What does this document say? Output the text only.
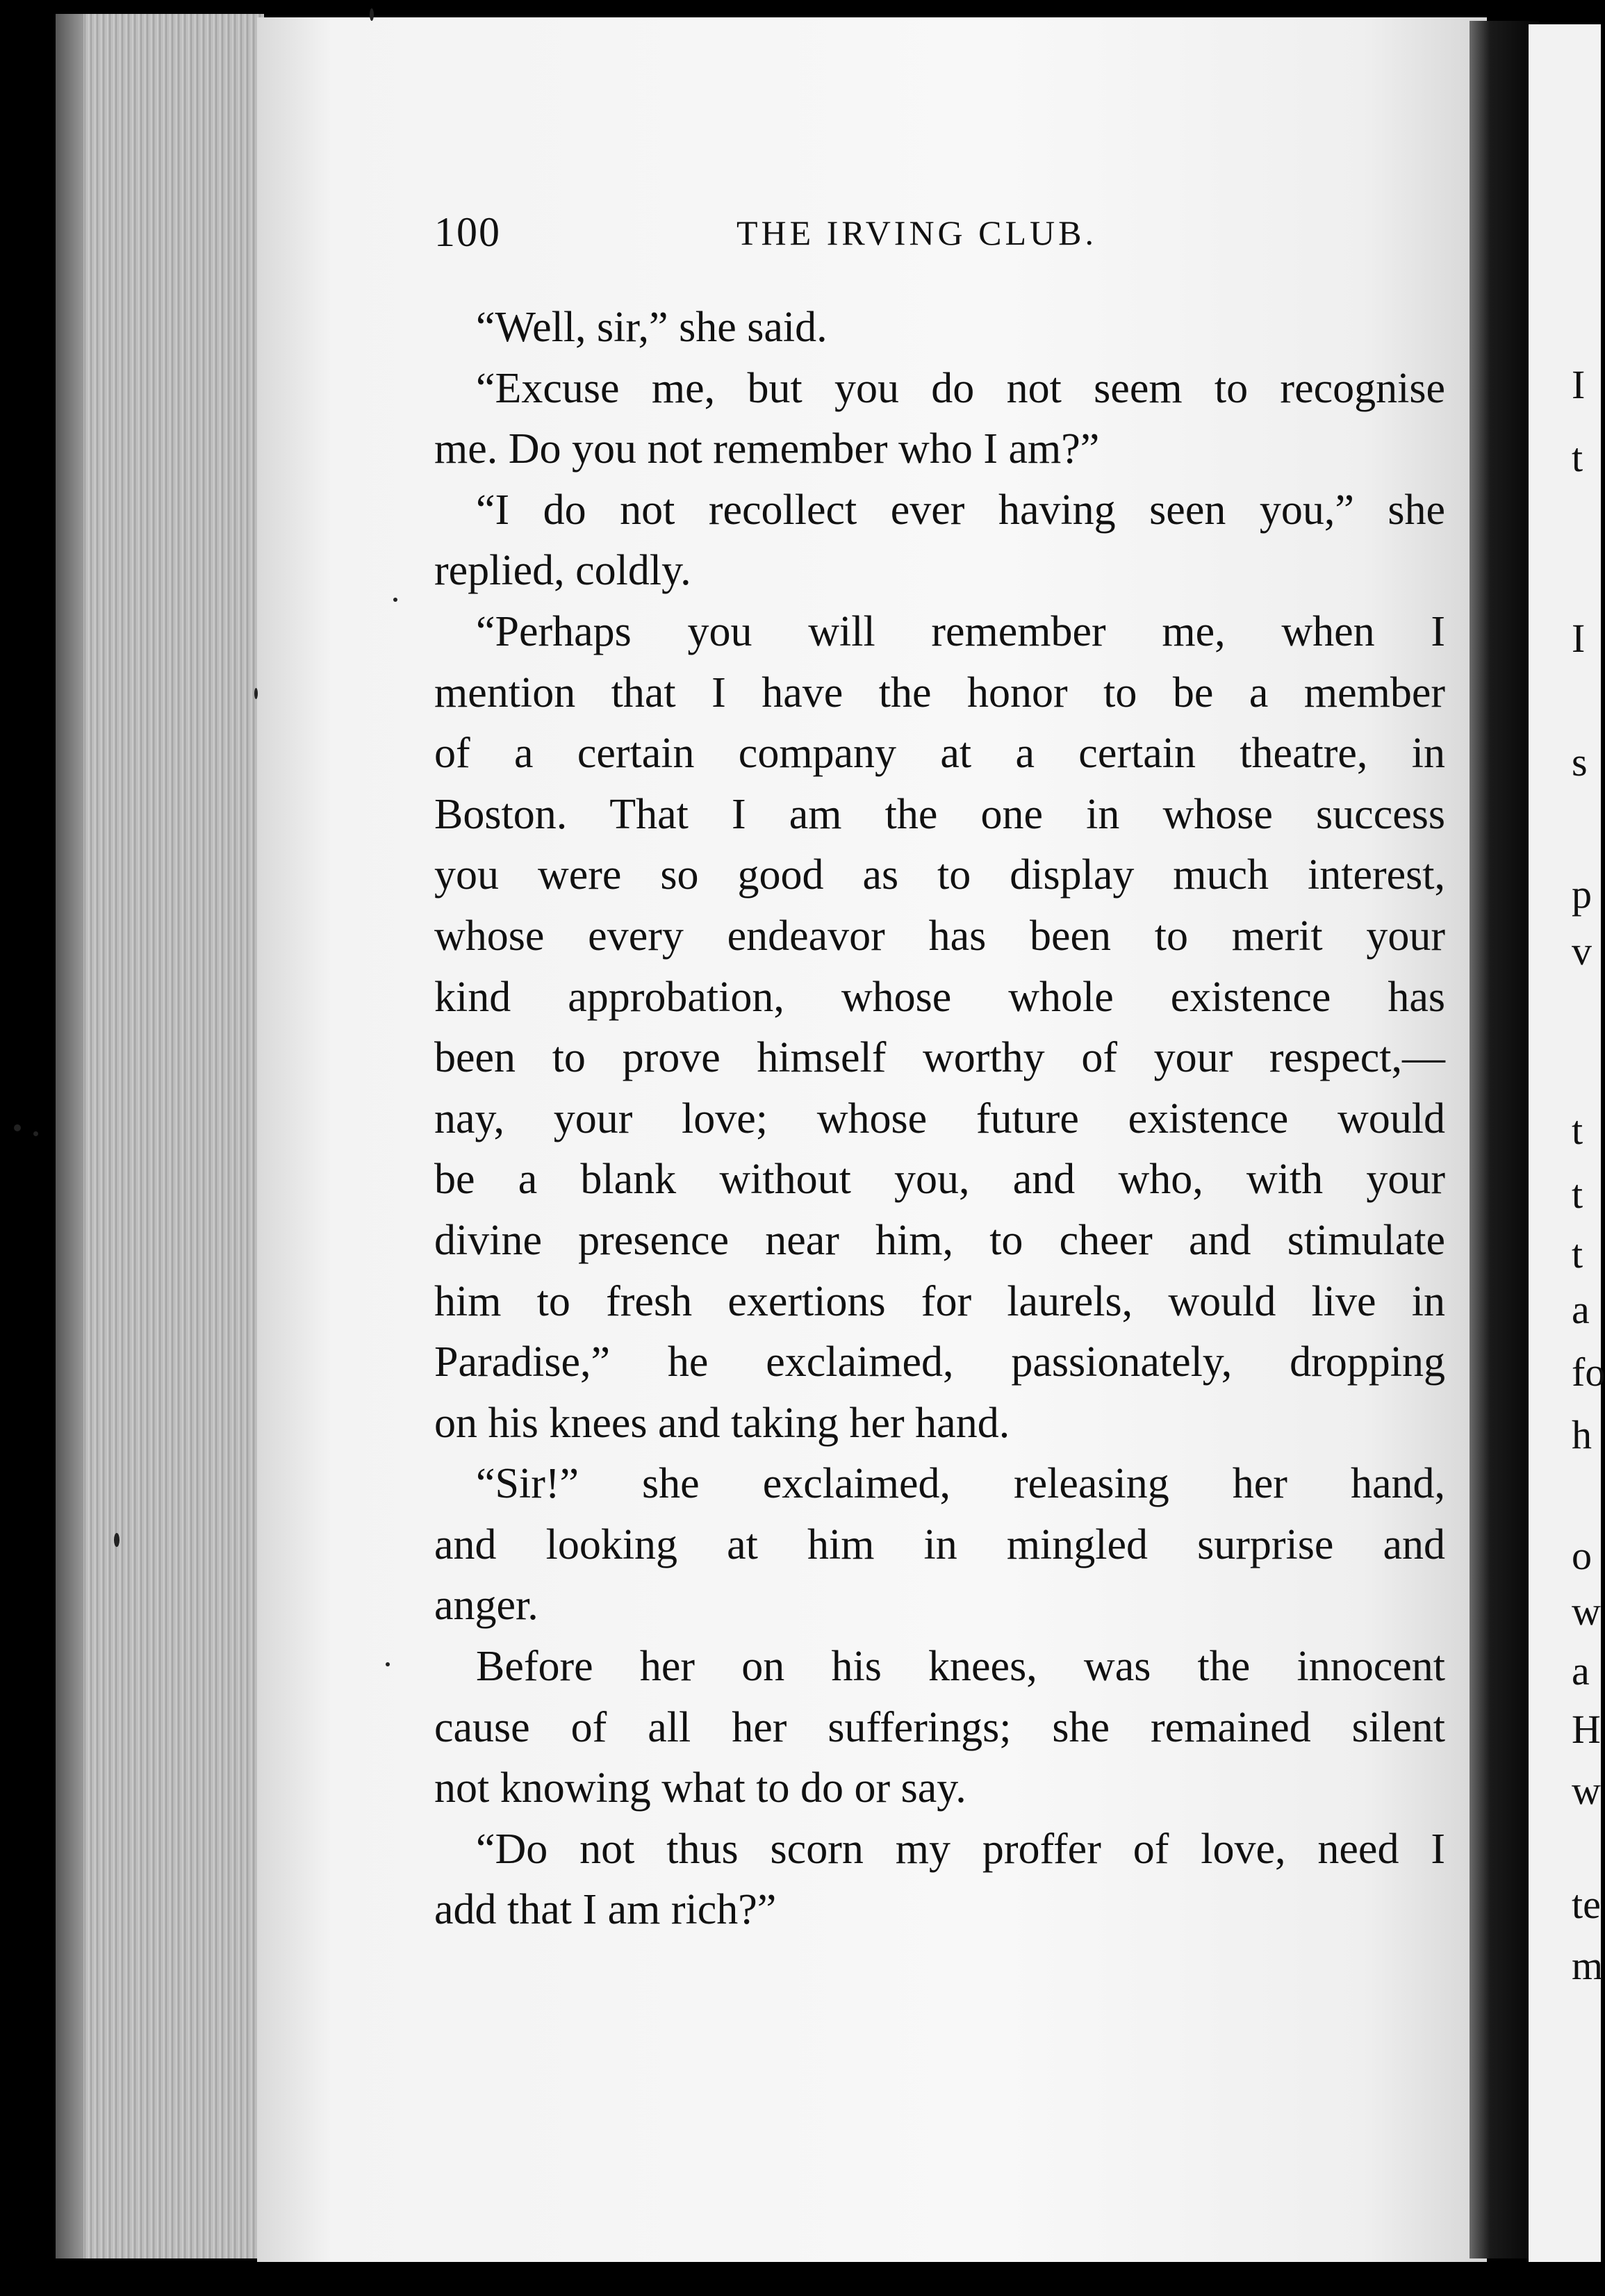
100	THE IRVING CLUB.
“Well, sir,” she said.
“Excuse me, but you do not seem to recognise
me. Do you not remember who I am?”
“I do not recollect ever having seen you,” she
replied, coldly.
“Perhaps you will remember me, when I
mention that I have the honor to be a member
of a certain company at a certain theatre, in
Boston. That I am the one in whose success
you were so good as to display much interest,
whose every endeavor has been to merit your
kind approbation, whose whole existence has
been to prove himself worthy of your respect,—
nay, your love; whose future existence would
be a blank without you, and who, with your
divine presence near him, to cheer and stimulate
him to fresh exertions for laurels, would live in
Paradise,” he exclaimed, passionately, dropping
on his knees and taking her hand.
“Sir!” she exclaimed, releasing her hand,
and looking at him in mingled surprise and
anger.
Before her on his knees, was the innocent
cause of all her sufferings; she remained silent
not knowing what to do or say.
“Do not thus scorn my proffer of love, need I
add that I am rich?”
I
t
I
s
p
v
t
t
t
a
fo
h
o
w
a
H
w
te
m
